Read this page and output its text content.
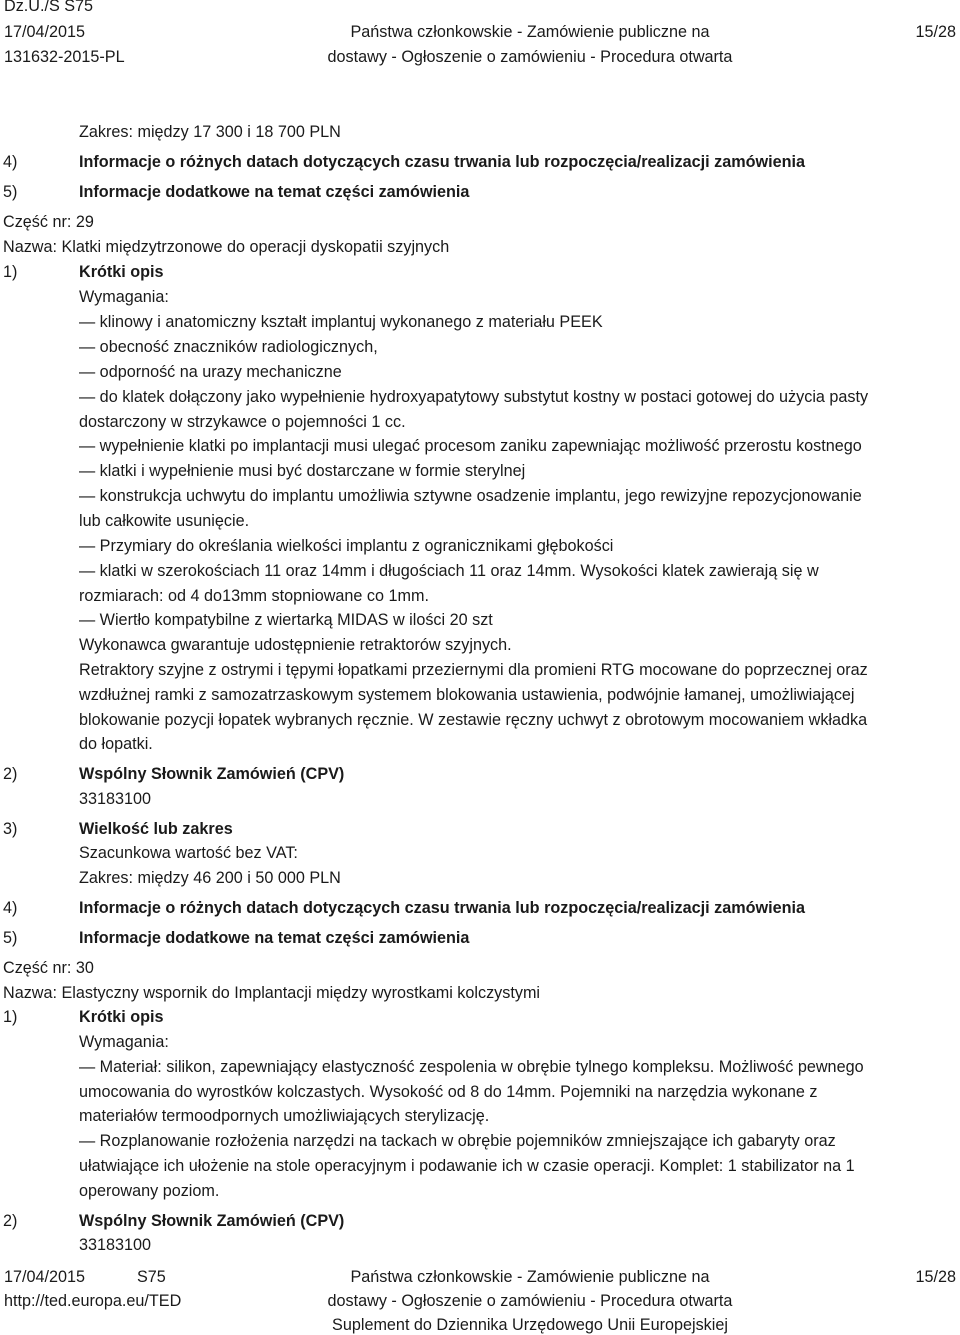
Dz.U./S S75
17/04/2015
131632-2015-PL
Państwa członkowskie - Zamówienie publiczne na
dostawy - Ogłoszenie o zamówieniu - Procedura otwarta
15/28
Zakres: między 17 300 i 18 700 PLN
4)	Informacje o różnych datach dotyczących czasu trwania lub rozpoczęcia/realizacji zamówienia
5)	Informacje dodatkowe na temat części zamówienia
Część nr: 29
Nazwa: Klatki międzytrzonowe do operacji dyskopatii szyjnych
1)	Krótki opis
Wymagania:
— klinowy i anatomiczny kształt implantuj wykonanego z materiału PEEK
— obecność znaczników radiologicznych,
— odporność na urazy mechaniczne
— do klatek dołączony jako wypełnienie hydroxyapatytowy substytut kostny w postaci gotowej do użycia pasty
dostarczony w strzykawce o pojemności 1 cc.
— wypełnienie klatki po implantacji musi ulegać procesom zaniku zapewniając możliwość przerostu kostnego
— klatki i wypełnienie musi być dostarczane w formie sterylnej
— konstrukcja uchwytu do implantu umożliwia sztywne osadzenie implantu, jego rewizyjne repozycjonowanie
lub całkowite usunięcie.
— Przymiary do określania wielkości implantu z ogranicznikami głębokości
— klatki w szerokościach 11 oraz 14mm i długościach 11 oraz 14mm. Wysokości klatek zawierają się w
rozmiarach: od 4 do13mm stopniowane co 1mm.
— Wiertło kompatybilne z wiertarką MIDAS w ilości 20 szt
Wykonawca gwarantuje udostępnienie retraktorów szyjnych.
Retraktory szyjne z ostrymi i tępymi łopatkami przeziernymi dla promieni RTG mocowane do poprzecznej oraz
wzdłużnej ramki z samozatrzaskowym systemem blokowania ustawienia, podwójnie łamanej, umożliwiającej
blokowanie pozycji łopatek wybranych ręcznie. W zestawie ręczny uchwyt z obrotowym mocowaniem wkładka
do łopatki.
2)	Wspólny Słownik Zamówień (CPV)
33183100
3)	Wielkość lub zakres
Szacunkowa wartość bez VAT:
Zakres: między 46 200 i 50 000 PLN
4)	Informacje o różnych datach dotyczących czasu trwania lub rozpoczęcia/realizacji zamówienia
5)	Informacje dodatkowe na temat części zamówienia
Część nr: 30
Nazwa: Elastyczny wspornik do Implantacji między wyrostkami kolczystymi
1)	Krótki opis
Wymagania:
— Materiał: silikon, zapewniający elastyczność zespolenia w obrębie tylnego kompleksu. Możliwość pewnego
umocowania do wyrostków kolczastych. Wysokość od 8 do 14mm. Pojemniki na narzędzia wykonane z
materiałów termoodpornych umożliwiających sterylizację.
— Rozplanowanie rozłożenia narzędzi na tackach w obrębie pojemników zmniejszające ich gabaryty oraz
ułatwiające ich ułożenie na stole operacyjnym i podawanie ich w czasie operacji. Komplet: 1 stabilizator na 1
operowany poziom.
2)	Wspólny Słownik Zamówień (CPV)
33183100
17/04/2015	S75
http://ted.europa.eu/TED
Państwa członkowskie - Zamówienie publiczne na
dostawy - Ogłoszenie o zamówieniu - Procedura otwarta
Suplement do Dziennika Urzędowego Unii Europejskiej
15/28
